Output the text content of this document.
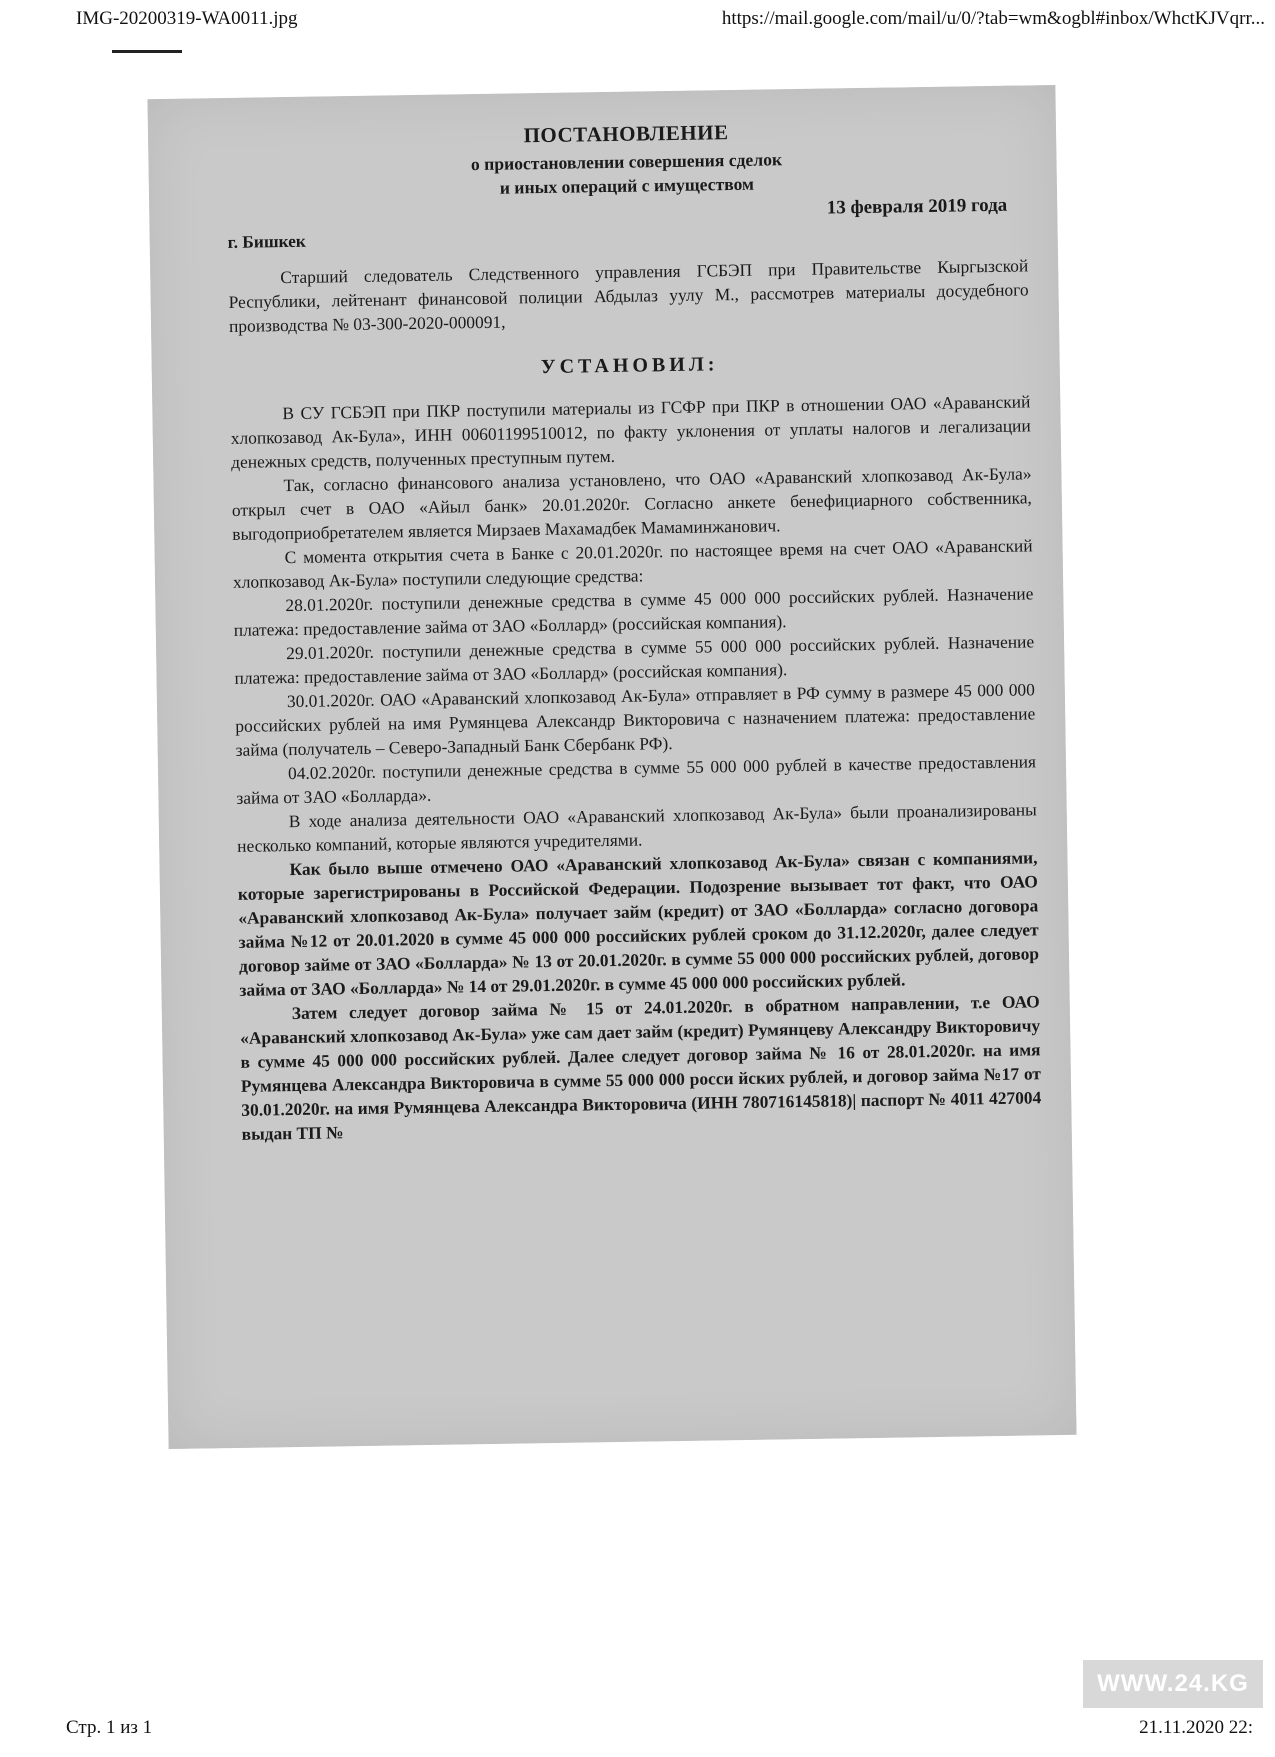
IMG-20200319-WA0011.jpg	https://mail.google.com/mail/u/0/?tab=wm&ogbl#inbox/WhctKJVqrr...
ПОСТАНОВЛЕНИЕ
о приостановлении совершения сделок
и иных операций с имуществом
г. Бишкек
13 февраля 2019 года

Старший следователь Следственного управления ГСБЭП при Правительстве Кыргызской Республики, лейтенант финансовой полиции Абдылаз уулу М., рассмотрев материалы досудебного производства № 03-300-2020-000091,

УСТАНОВИЛ:

В СУ ГСБЭП при ПКР поступили материалы из ГСФР при ПКР в отношении ОАО «Араванский хлопкозавод Ак-Була», ИНН 00601199510012, по факту уклонения от уплаты налогов и легализации денежных средств, полученных преступным путем.

Так, согласно финансового анализа установлено, что ОАО «Араванский хлопкозавод Ак-Була» открыл счет в ОАО «Айыл банк» 20.01.2020г. Согласно анкете бенефициарного собственника, выгодоприобретателем является Мирзаев Махамадбек Мамаминжанович.

С момента открытия счета в Банке с 20.01.2020г. по настоящее время на счет ОАО «Араванский хлопкозавод Ак-Була» поступили следующие средства:

28.01.2020г. поступили денежные средства в сумме 45 000 000 российских рублей. Назначение платежа: предоставление займа от ЗАО «Боллард» (российская компания).

29.01.2020г. поступили денежные средства в сумме 55 000 000 российских рублей. Назначение платежа: предоставление займа от ЗАО «Боллард» (российская компания).

30.01.2020г. ОАО «Араванский хлопкозавод Ак-Була» отправляет в РФ сумму в размере 45 000 000 российских рублей на имя Румянцева Александр Викторовича с назначением платежа: предоставление займа (получатель – Северо-Западный Банк Сбербанк РФ).

04.02.2020г. поступили денежные средства в сумме 55 000 000 рублей в качестве предоставления займа от ЗАО «Болларда».

В ходе анализа деятельности ОАО «Араванский хлопкозавод Ак-Була» были проанализированы несколько компаний, которые являются учредителями.

Как было выше отмечено ОАО «Араванский хлопкозавод Ак-Була» связан с компаниями, которые зарегистрированы в Российской Федерации. Подозрение вызывает тот факт, что ОАО «Араванский хлопкозавод Ак-Була» получает займ (кредит) от ЗАО «Болларда» согласно договора займа №12 от 20.01.2020 в сумме 45 000 000 российских рублей сроком до 31.12.2020г, далее следует договор займе от ЗАО «Болларда» № 13 от 20.01.2020г. в сумме 55 000 000 российских рублей, договор займа от ЗАО «Болларда» № 14 от 29.01.2020г. в сумме 45 000 000 российских рублей.

Затем следует договор займа № 15 от 24.01.2020г. в обратном направлении, т.е ОАО «Араванский хлопкозавод Ак-Була» уже сам дает займ (кредит) Румянцеву Александру Викторовичу в сумме 45 000 000 российских рублей. Далее следует договор займа № 16 от 28.01.2020г. на имя Румянцева Александра Викторовича в сумме 55 000 000 росси йских рублей, и договор займа №17 от 30.01.2020г. на имя Румянцева Александра Викторовича (ИНН 780716145818)| паспорт № 4011 427004 выдан ТП №

WWW.24.KG
Стр. 1 из 1	21.11.2020 22:
